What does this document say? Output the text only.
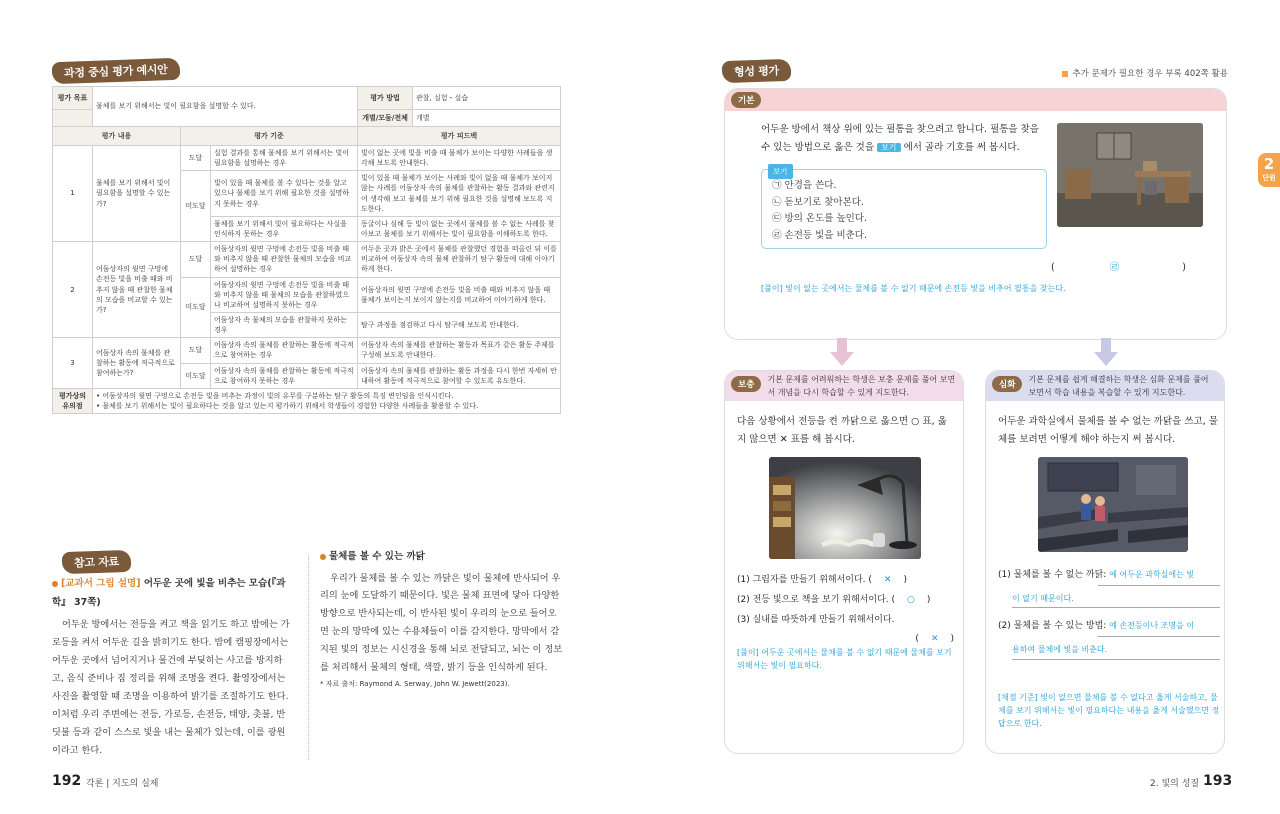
과정 중심 평가 예시안
평가 목표	물체를 보기 위해서는 빛이 필요함을 설명할 수 있다.			평가 방법	관찰, 실험・실습
				개별/모둠/전체	개별
평가 내용		평가 기준		평가 피드백	
1	물체를 보기 위해서 빛이 필요함을 설명할 수 있는가?	도달	실험 결과를 통해 물체를 보기 위해서는 빛이 필요함을 설명하는 경우	빛이 없는 곳에 빛을 비출 때 물체가 보이는 다양한 사례들을 생각해 보도록 안내한다.	
		미도달	빛이 있을 때 물체를 볼 수 있다는 것을 알고 있으나 물체를 보기 위해 필요한 것을 설명하지 못하는 경우	빛이 있을 때 물체가 보이는 사례와 빛이 없을 때 물체가 보이지 않는 사례를 어둠상자 속의 물체를 관찰하는 활동 결과와 관련지어 생각해 보고 물체를 보기 위해 필요한 것을 설명해 보도록 지도한다.	
			물체를 보기 위해서 빛이 필요하다는 사실을 인식하지 못하는 경우	동굴이나 심해 등 빛이 없는 곳에서 물체를 볼 수 없는 사례를 찾아보고 물체를 보기 위해서는 빛이 필요함을 이해하도록 한다.	
2	어둠상자의 윗면 구멍에 손전등 빛을 비출 때와 비추지 않을 때 관찰한 물체의 모습을 비교할 수 있는가?	도달	어둠상자의 윗면 구멍에 손전등 빛을 비출 때와 비추지 않을 때 관찰한 물체의 모습을 비교하여 설명하는 경우	어두운 곳과 밝은 곳에서 물체를 관찰했던 경험을 떠올린 뒤 이를 비교하여 어둠상자 속의 물체 관찰하기 탐구 활동에 대해 이야기하게 한다.	
		미도달	어둠상자의 윗면 구멍에 손전등 빛을 비출 때와 비추지 않을 때 물체의 모습을 관찰하였으나 비교하여 설명하지 못하는 경우	어둠상자의 윗면 구멍에 손전등 빛을 비출 때와 비추지 않을 때 물체가 보이는지 보이지 않는지를 비교하여 이야기하게 한다.	
			어둠상자 속 물체의 모습을 관찰하지 못하는 경우	탐구 과정을 점검하고 다시 탐구해 보도록 안내한다.	
3	어둠상자 속의 물체를 관찰하는 활동에 적극적으로 참여하는가?	도달	어둠상자 속의 물체를 관찰하는 활동에 적극적으로 참여하는 경우	어둠상자 속의 물체를 관찰하는 활동과 목표가 같은 활동 주제를 구성해 보도록 안내한다.	
		미도달	어둠상자 속의 물체를 관찰하는 활동에 적극적으로 참여하지 못하는 경우	어둠상자 속의 물체를 관찰하는 활동 과정을 다시 한번 자세히 안내하여 활동에 적극적으로 참여할 수 있도록 유도한다.	
평가상의 유의점	• 어둠상자의 윗면 구멍으로 손전등 빛을 비추는 과정이 빛의 유무를 구분하는 탐구 활동의 특징 변인임을 인식시킨다.
• 물체를 보기 위해서는 빛이 필요하다는 것을 알고 있는지 평가하기 위해서 학생들이 경험한 다양한 사례들을 활용할 수 있다.				
참고 자료
[교과서 그림 설명] 어두운 곳에 빛을 비추는 모습(『과학』 37쪽)
어두운 방에서는 전등을 켜고 책을 읽기도 하고 밤에는 가로등을 켜서 어두운 길을 밝히기도 한다. 밤에 캠핑장에서는 어두운 곳에서 넘어지거나 물건에 부딪히는 사고를 방지하고, 음식 준비나 짐 정리를 위해 조명을 켠다. 촬영장에서는 사진을 촬영할 때 조명을 이용하여 밝기를 조절하기도 한다. 이처럼 우리 주변에는 전등, 가로등, 손전등, 태양, 촛불, 반딧불 등과 같이 스스로 빛을 내는 물체가 있는데, 이를 광원이라고 한다.
물체를 볼 수 있는 까닭
우리가 물체를 볼 수 있는 까닭은 빛이 물체에 반사되어 우리의 눈에 도달하기 때문이다. 빛은 물체 표면에 닿아 다양한 방향으로 반사되는데, 이 반사된 빛이 우리의 눈으로 들어오면 눈의 망막에 있는 수용체들이 이를 감지한다. 망막에서 감지된 빛의 정보는 시신경을 통해 뇌로 전달되고, 뇌는 이 정보를 처리해서 물체의 형태, 색깔, 밝기 등을 인식하게 된다.
* 자료 출처: Raymond A. Serway, John W. Jewett(2023).
192 각론 | 지도의 실제
형성 평가	추가 문제가 필요한 경우 부록 402쪽 활용
2
단원
기본
어두운 방에서 책상 위에 있는 필통을 찾으려고 합니다. 필통을 찾을 수 있는 방법으로 옳은 것을 보기 에서 골라 기호를 써 봅시다.
보기
㉠ 안경을 쓴다.
㉡ 돋보기로 찾아본다.
㉢ 방의 온도를 높인다.
㉣ 손전등 빛을 비춘다.
(	㉣	)
[풀이] 빛이 없는 곳에서는 물체를 볼 수 없기 때문에 손전등 빛을 비추어 필통을 찾는다.
보충
기본 문제를 어려워하는 학생은 보충 문제를 풀어 보면서 개념을 다시 학습할 수 있게 지도한다.
다음 상황에서 전등을 켠 까닭으로 옳으면 ○ 표, 옳지 않으면 ✕ 표를 해 봅시다.
(1) 그림자를 만들기 위해서이다. ( ✕ )
(2) 전등 빛으로 책을 보기 위해서이다. ( ○ )
(3) 실내를 따뜻하게 만들기 위해서이다.
( ✕ )
[풀이] 어두운 곳에서는 물체를 볼 수 없기 때문에 물체를 보기 위해서는 빛이 필요하다.
심화
기본 문제를 쉽게 해결하는 학생은 심화 문제를 풀어 보면서 학습 내용을 복습할 수 있게 지도한다.
어두운 과학실에서 물체를 볼 수 없는 까닭을 쓰고, 물체를 보려면 어떻게 해야 하는지 써 봅시다.
(1) 물체를 볼 수 없는 까닭: 예 어두운 과학실에는 빛
이 없기 때문이다.
(2) 물체를 볼 수 있는 방법: 예 손전등이나 조명을 이
용하여 물체에 빛을 비춘다.
[채점 기준] 빛이 없으면 물체를 볼 수 없다고 옳게 서술하고, 물체를 보기 위해서는 빛이 필요하다는 내용을 옳게 서술했으면 정답으로 한다.
2. 빛의 성질 193
